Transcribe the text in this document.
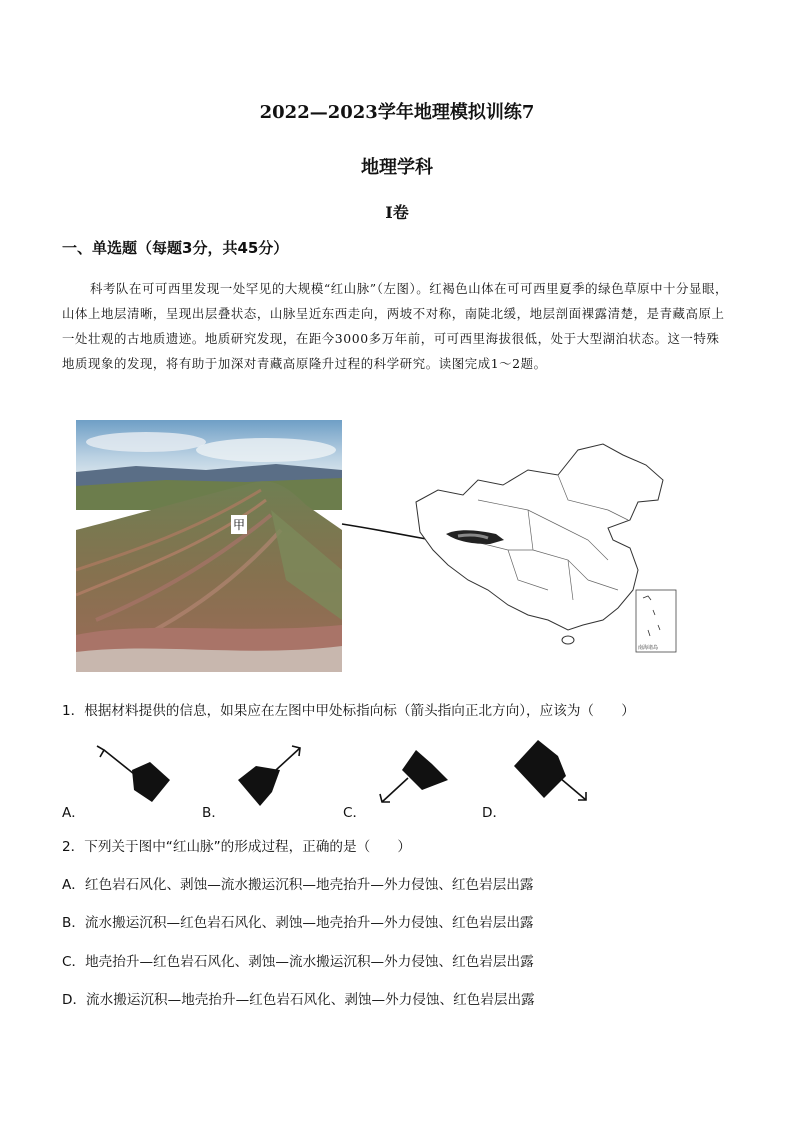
2022—2023学年地理模拟训练7
地理学科
Ⅰ卷
一、单选题（每题3分，共45分）
科考队在可可西里发现一处罕见的大规模“红山脉”（左图）。红褐色山体在可可西里夏季的绿色草原中十分显眼，山体上地层清晰，呈现出层叠状态，山脉呈近东西走向，两坡不对称，南陡北缓，地层剖面裸露清楚，是青藏高原上一处壮观的古地质遗迹。地质研究发现，在距今3000多万年前，可可西里海拔很低，处于大型湖泊状态。这一特殊地质现象的发现，将有助于加深对青藏高原隆升过程的科学研究。读图完成1～2题。
甲
南海诸岛
1．根据材料提供的信息，如果应在左图中甲处标指向标（箭头指向正北方向），应该为（　　）
A．	B．	C．	D．
2．下列关于图中“红山脉”的形成过程，正确的是（　　）
A．红色岩石风化、剥蚀—流水搬运沉积—地壳抬升—外力侵蚀、红色岩层出露
B．流水搬运沉积—红色岩石风化、剥蚀—地壳抬升—外力侵蚀、红色岩层出露
C．地壳抬升—红色岩石风化、剥蚀—流水搬运沉积—外力侵蚀、红色岩层出露
D．流水搬运沉积—地壳抬升—红色岩石风化、剥蚀—外力侵蚀、红色岩层出露
